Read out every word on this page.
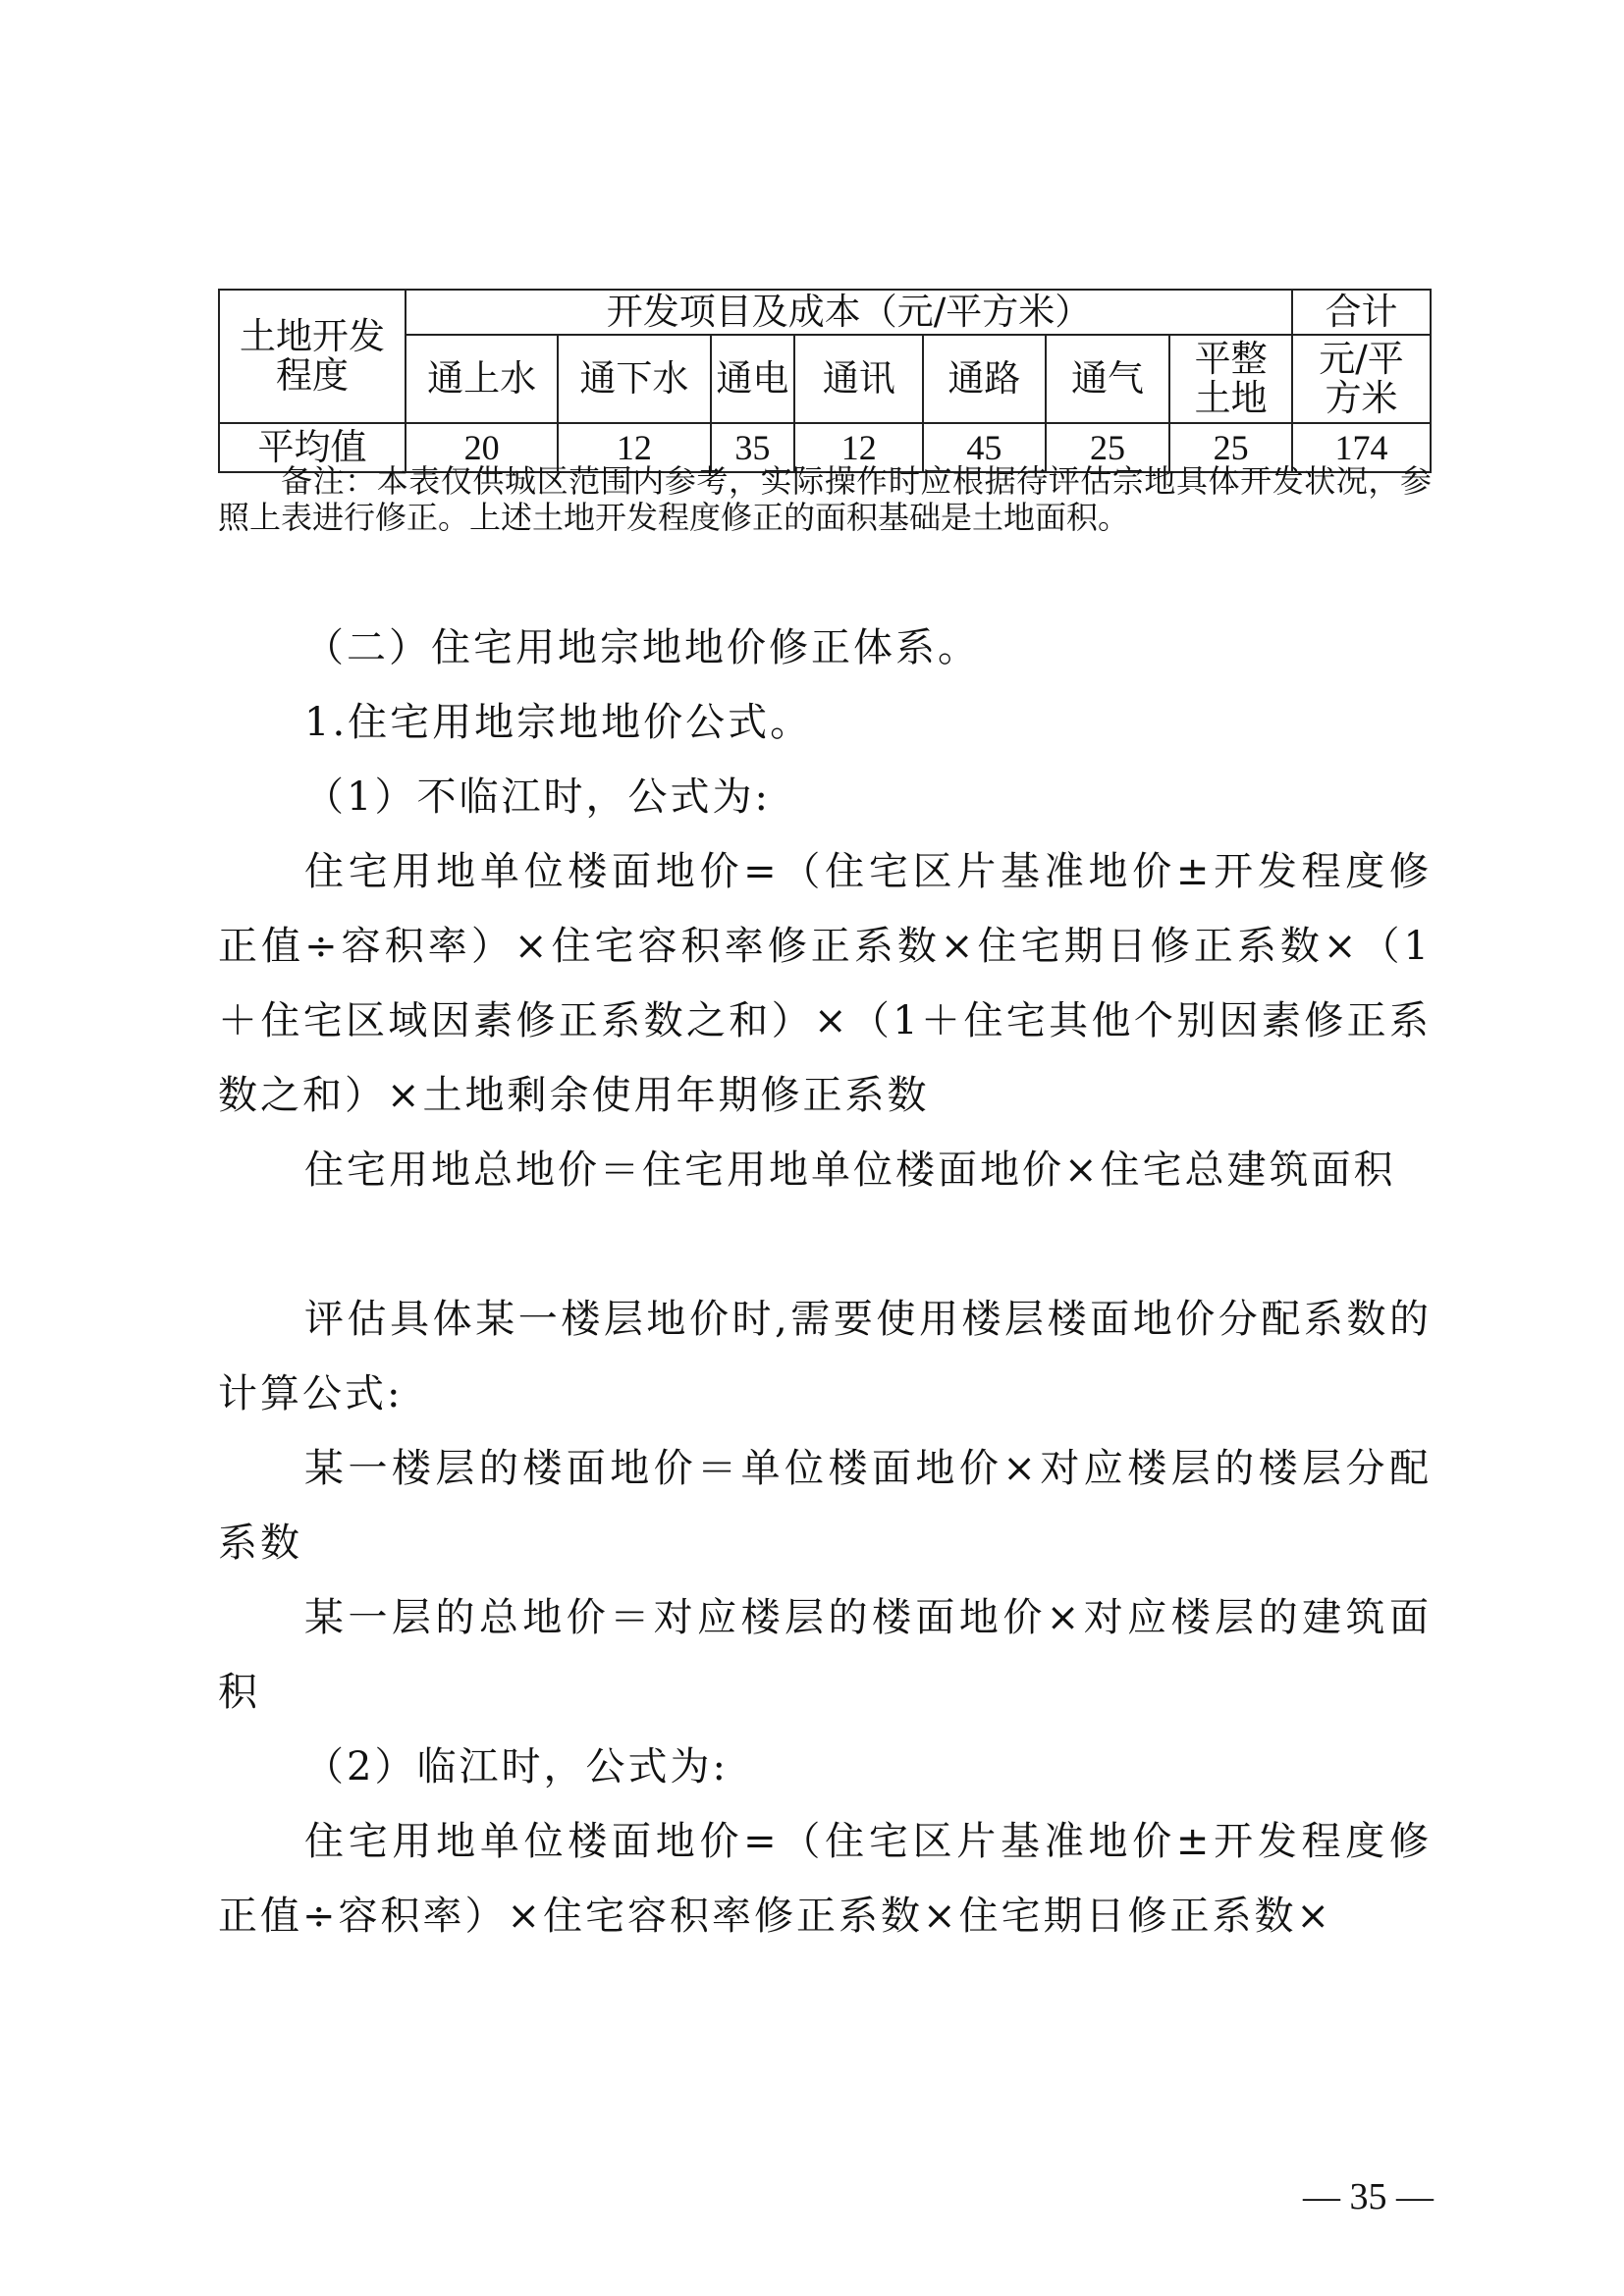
土地开发程度	开发项目及成本（元/平方米）							合计
	通上水	通下水	通电	通讯	通路	通气	平整土地	元/平方米
平均值	20	12	35	12	45	25	25	174

备注：本表仅供城区范围内参考，实际操作时应根据待评估宗地具体开发状况，参照上表进行修正。上述土地开发程度修正的面积基础是土地面积。

（二）住宅用地宗地地价修正体系。

1.住宅用地宗地地价公式。

（1）不临江时，公式为:

住宅用地单位楼面地价=（住宅区片基准地价±开发程度修正值÷容积率）×住宅容积率修正系数×住宅期日修正系数×（1＋住宅区域因素修正系数之和）×（1＋住宅其他个别因素修正系数之和）×土地剩余使用年期修正系数

住宅用地总地价＝住宅用地单位楼面地价×住宅总建筑面积

评估具体某一楼层地价时,需要使用楼层楼面地价分配系数的计算公式:

某一楼层的楼面地价＝单位楼面地价×对应楼层的楼层分配系数

某一层的总地价＝对应楼层的楼面地价×对应楼层的建筑面积

（2）临江时，公式为:

住宅用地单位楼面地价=（住宅区片基准地价±开发程度修正值÷容积率）×住宅容积率修正系数×住宅期日修正系数×

— 35 —
